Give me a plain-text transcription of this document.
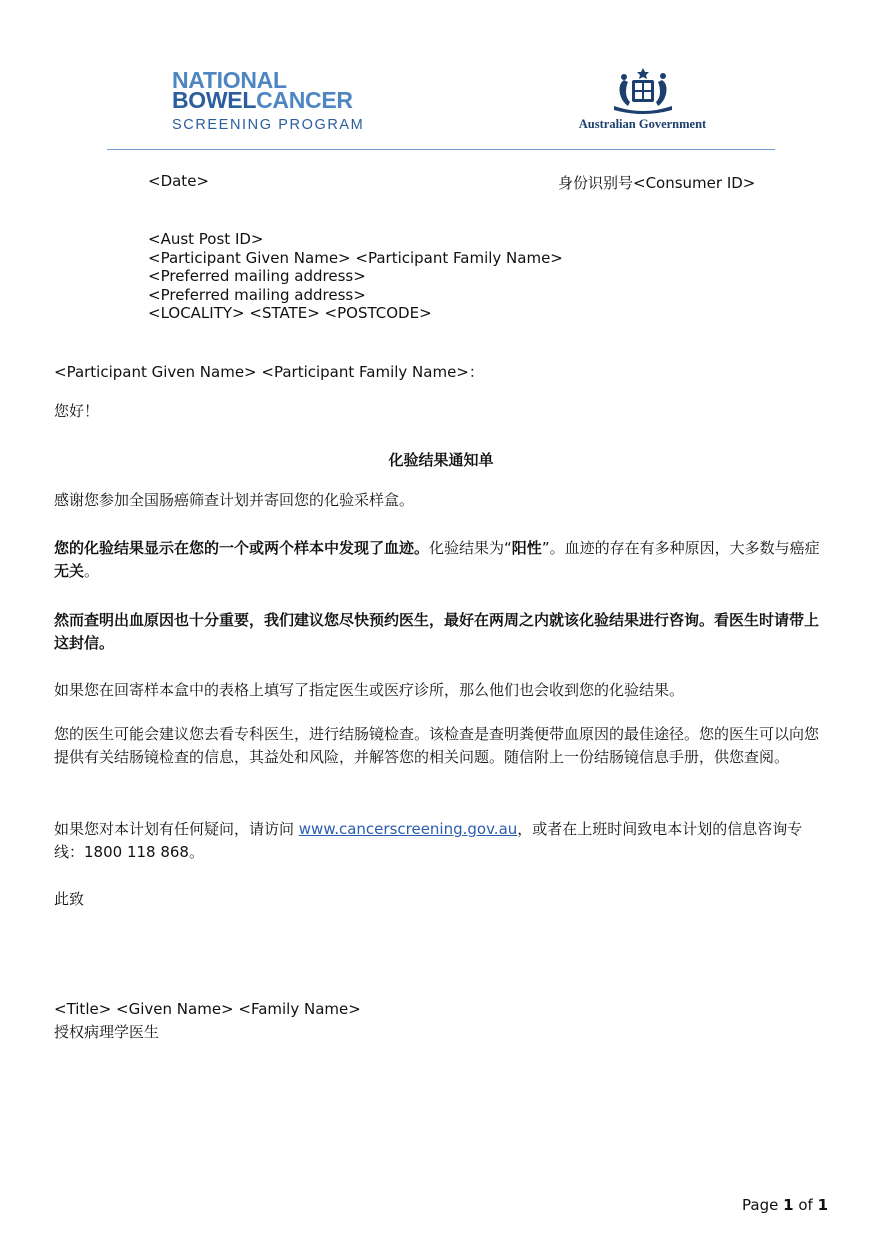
NATIONAL
BOWELCANCER
SCREENING PROGRAM	Australian Government
<Date>	身份识别号<Consumer ID>
<Aust Post ID>
<Participant Given Name> <Participant Family Name>
<Preferred mailing address>
<Preferred mailing address>
<LOCALITY> <STATE> <POSTCODE>
<Participant Given Name> <Participant Family Name>：
您好！
化验结果通知单
感谢您参加全国肠癌筛查计划并寄回您的化验采样盒。
您的化验结果显示在您的一个或两个样本中发现了血迹。化验结果为“阳性”。血迹的存在有多种原因，大多数与癌症无关。
然而查明出血原因也十分重要，我们建议您尽快预约医生，最好在两周之内就该化验结果进行咨询。看医生时请带上这封信。
如果您在回寄样本盒中的表格上填写了指定医生或医疗诊所，那么他们也会收到您的化验结果。
您的医生可能会建议您去看专科医生，进行结肠镜检查。该检查是查明粪便带血原因的最佳途径。您的医生可以向您提供有关结肠镜检查的信息，其益处和风险，并解答您的相关问题。随信附上一份结肠镜信息手册，供您查阅。
如果您对本计划有任何疑问，请访问 www.cancerscreening.gov.au，或者在上班时间致电本计划的信息咨询专线：1800 118 868。
此致
<Title> <Given Name> <Family Name>
授权病理学医生
Page 1 of 1
